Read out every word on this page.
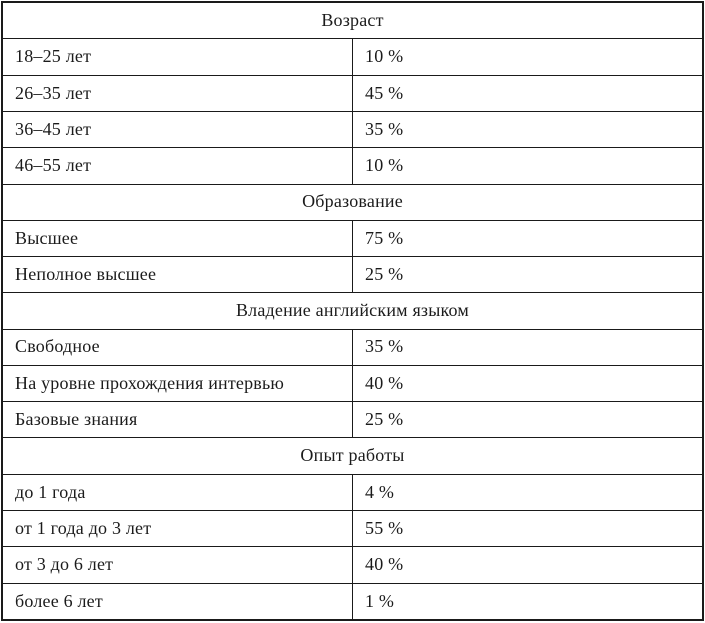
Возраст	
18–25 лет	10 %
26–35 лет	45 %
36–45 лет	35 %
46–55 лет	10 %
Образование	
Высшее	75 %
Неполное высшее	25 %
Владение английским языком	
Свободное	35 %
На уровне прохождения интервью	40 %
Базовые знания	25 %
Опыт работы	
до 1 года	4 %
от 1 года до 3 лет	55 %
от 3 до 6 лет	40 %
более 6 лет	1 %
